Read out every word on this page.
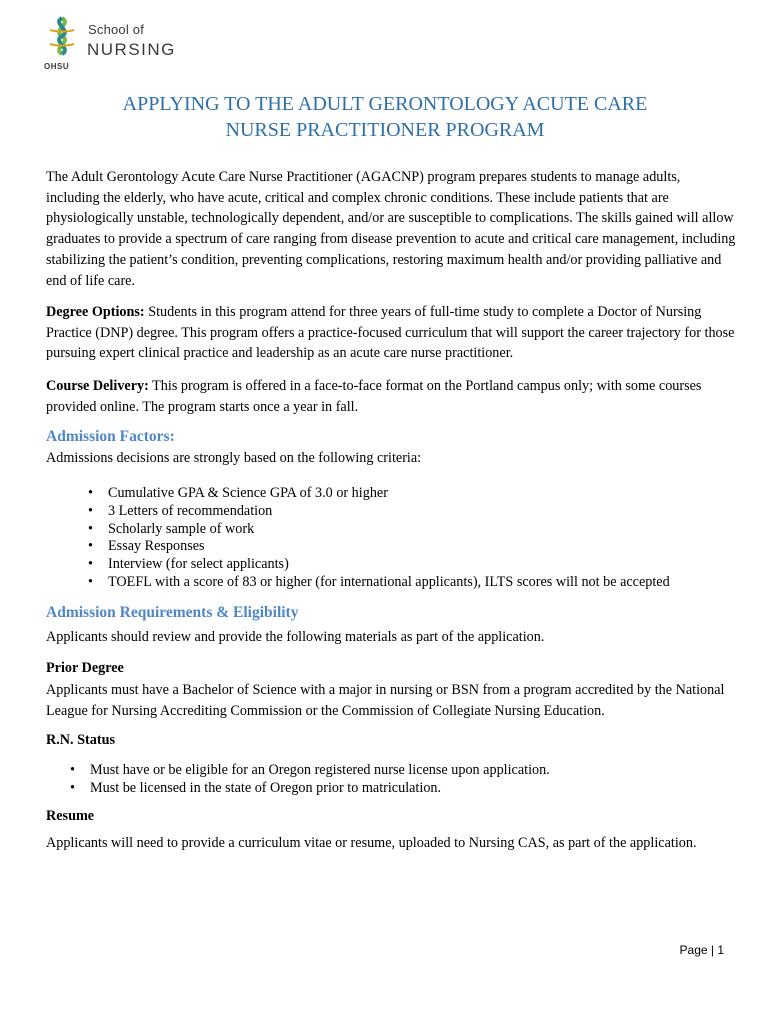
School of
NURSING
OHSU
APPLYING TO THE ADULT GERONTOLOGY ACUTE CARE
NURSE PRACTITIONER PROGRAM
The Adult Gerontology Acute Care Nurse Practitioner (AGACNP) program prepares students to manage adults, including the elderly, who have acute, critical and complex chronic conditions. These include patients that are physiologically unstable, technologically dependent, and/or are susceptible to complications. The skills gained will allow graduates to provide a spectrum of care ranging from disease prevention to acute and critical care management, including stabilizing the patient’s condition, preventing complications, restoring maximum health and/or providing palliative and end of life care.
Degree Options: Students in this program attend for three years of full-time study to complete a Doctor of Nursing Practice (DNP) degree. This program offers a practice-focused curriculum that will support the career trajectory for those pursuing expert clinical practice and leadership as an acute care nurse practitioner.
Course Delivery: This program is offered in a face-to-face format on the Portland campus only; with some courses provided online. The program starts once a year in fall.
Admission Factors:
Admissions decisions are strongly based on the following criteria:
• Cumulative GPA & Science GPA of 3.0 or higher
• 3 Letters of recommendation
• Scholarly sample of work
• Essay Responses
• Interview (for select applicants)
• TOEFL with a score of 83 or higher (for international applicants), ILTS scores will not be accepted
Admission Requirements & Eligibility
Applicants should review and provide the following materials as part of the application.
Prior Degree
Applicants must have a Bachelor of Science with a major in nursing or BSN from a program accredited by the National League for Nursing Accrediting Commission or the Commission of Collegiate Nursing Education.
R.N. Status
• Must have or be eligible for an Oregon registered nurse license upon application.
• Must be licensed in the state of Oregon prior to matriculation.
Resume
Applicants will need to provide a curriculum vitae or resume, uploaded to Nursing CAS, as part of the application.
Page | 1
